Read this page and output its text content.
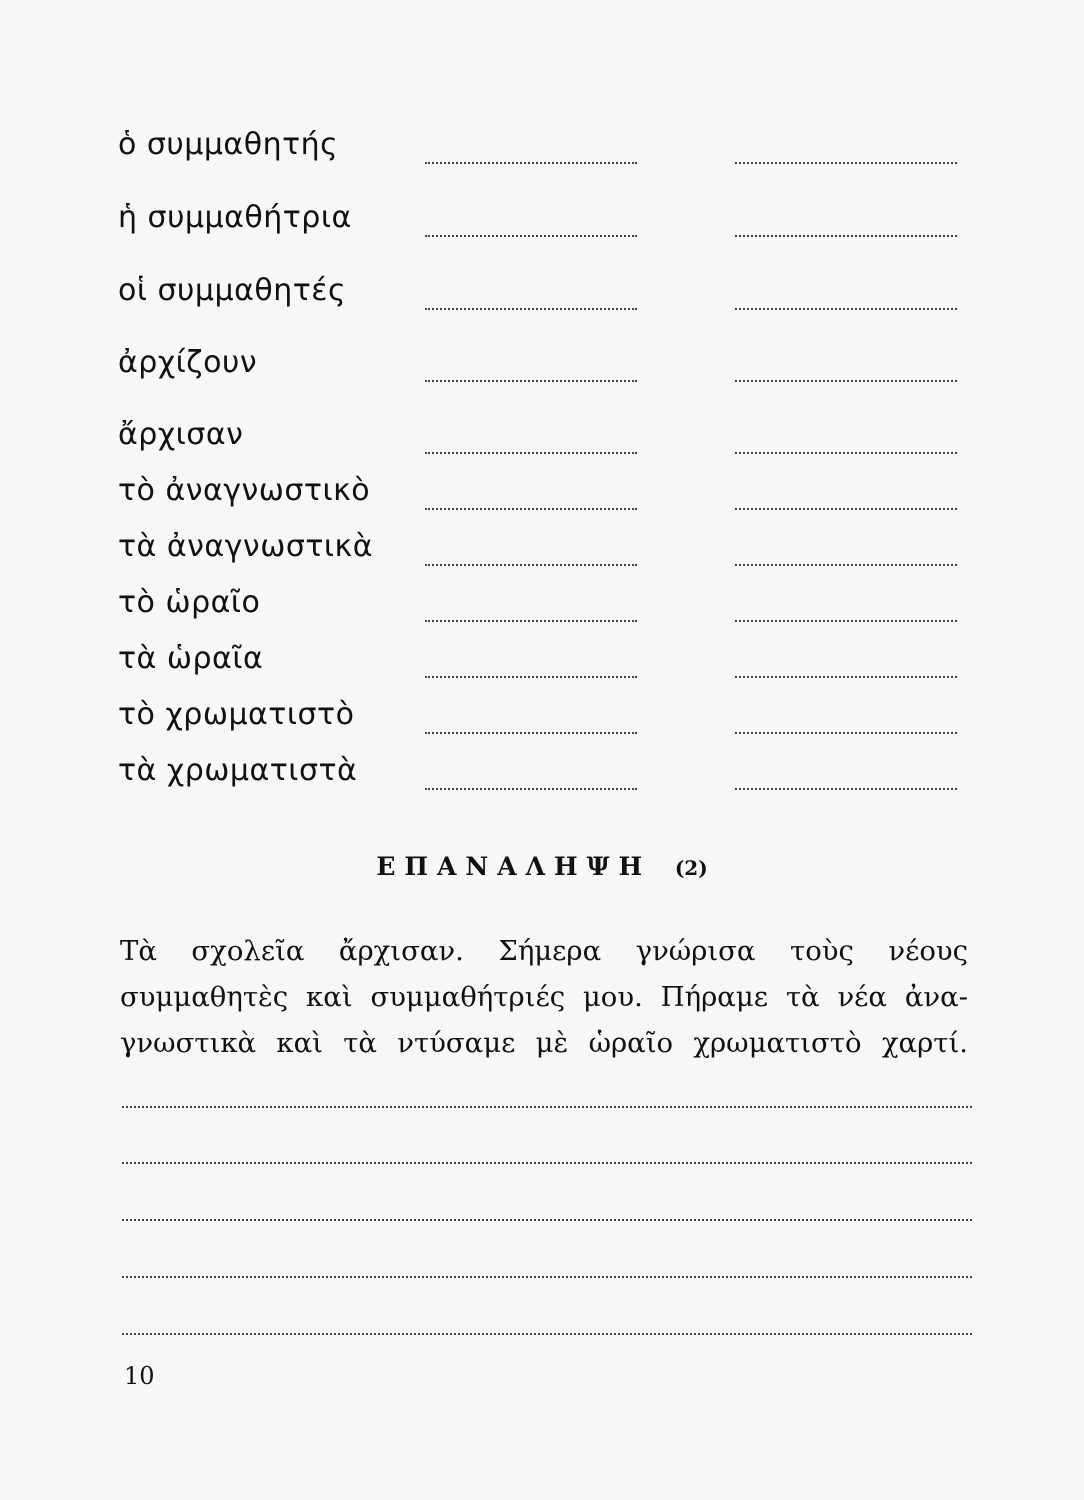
ὁ συμμαθητής
ἡ συμμαθήτρια
οἱ συμμαθητές
ἀρχίζουν
ἄρχισαν
τὸ ἀναγνωστικὸ
τὰ ἀναγνωστικὰ
τὸ ὡραῖο
τὰ ὡραῖα
τὸ χρωματιστὸ
τὰ χρωματιστὰ
ΕΠΑΝΑΛΗΨΗ (2)
Τὰ σχολεῖα ἄρχισαν. Σήμερα γνώρισα τοὺς νέους
συμμαθητὲς καὶ συμμαθήτριές μου. Πήραμε τὰ νέα ἀνα-
γνωστικὰ καὶ τὰ ντύσαμε μὲ ὡραῖο χρωματιστὸ χαρτί.
10
